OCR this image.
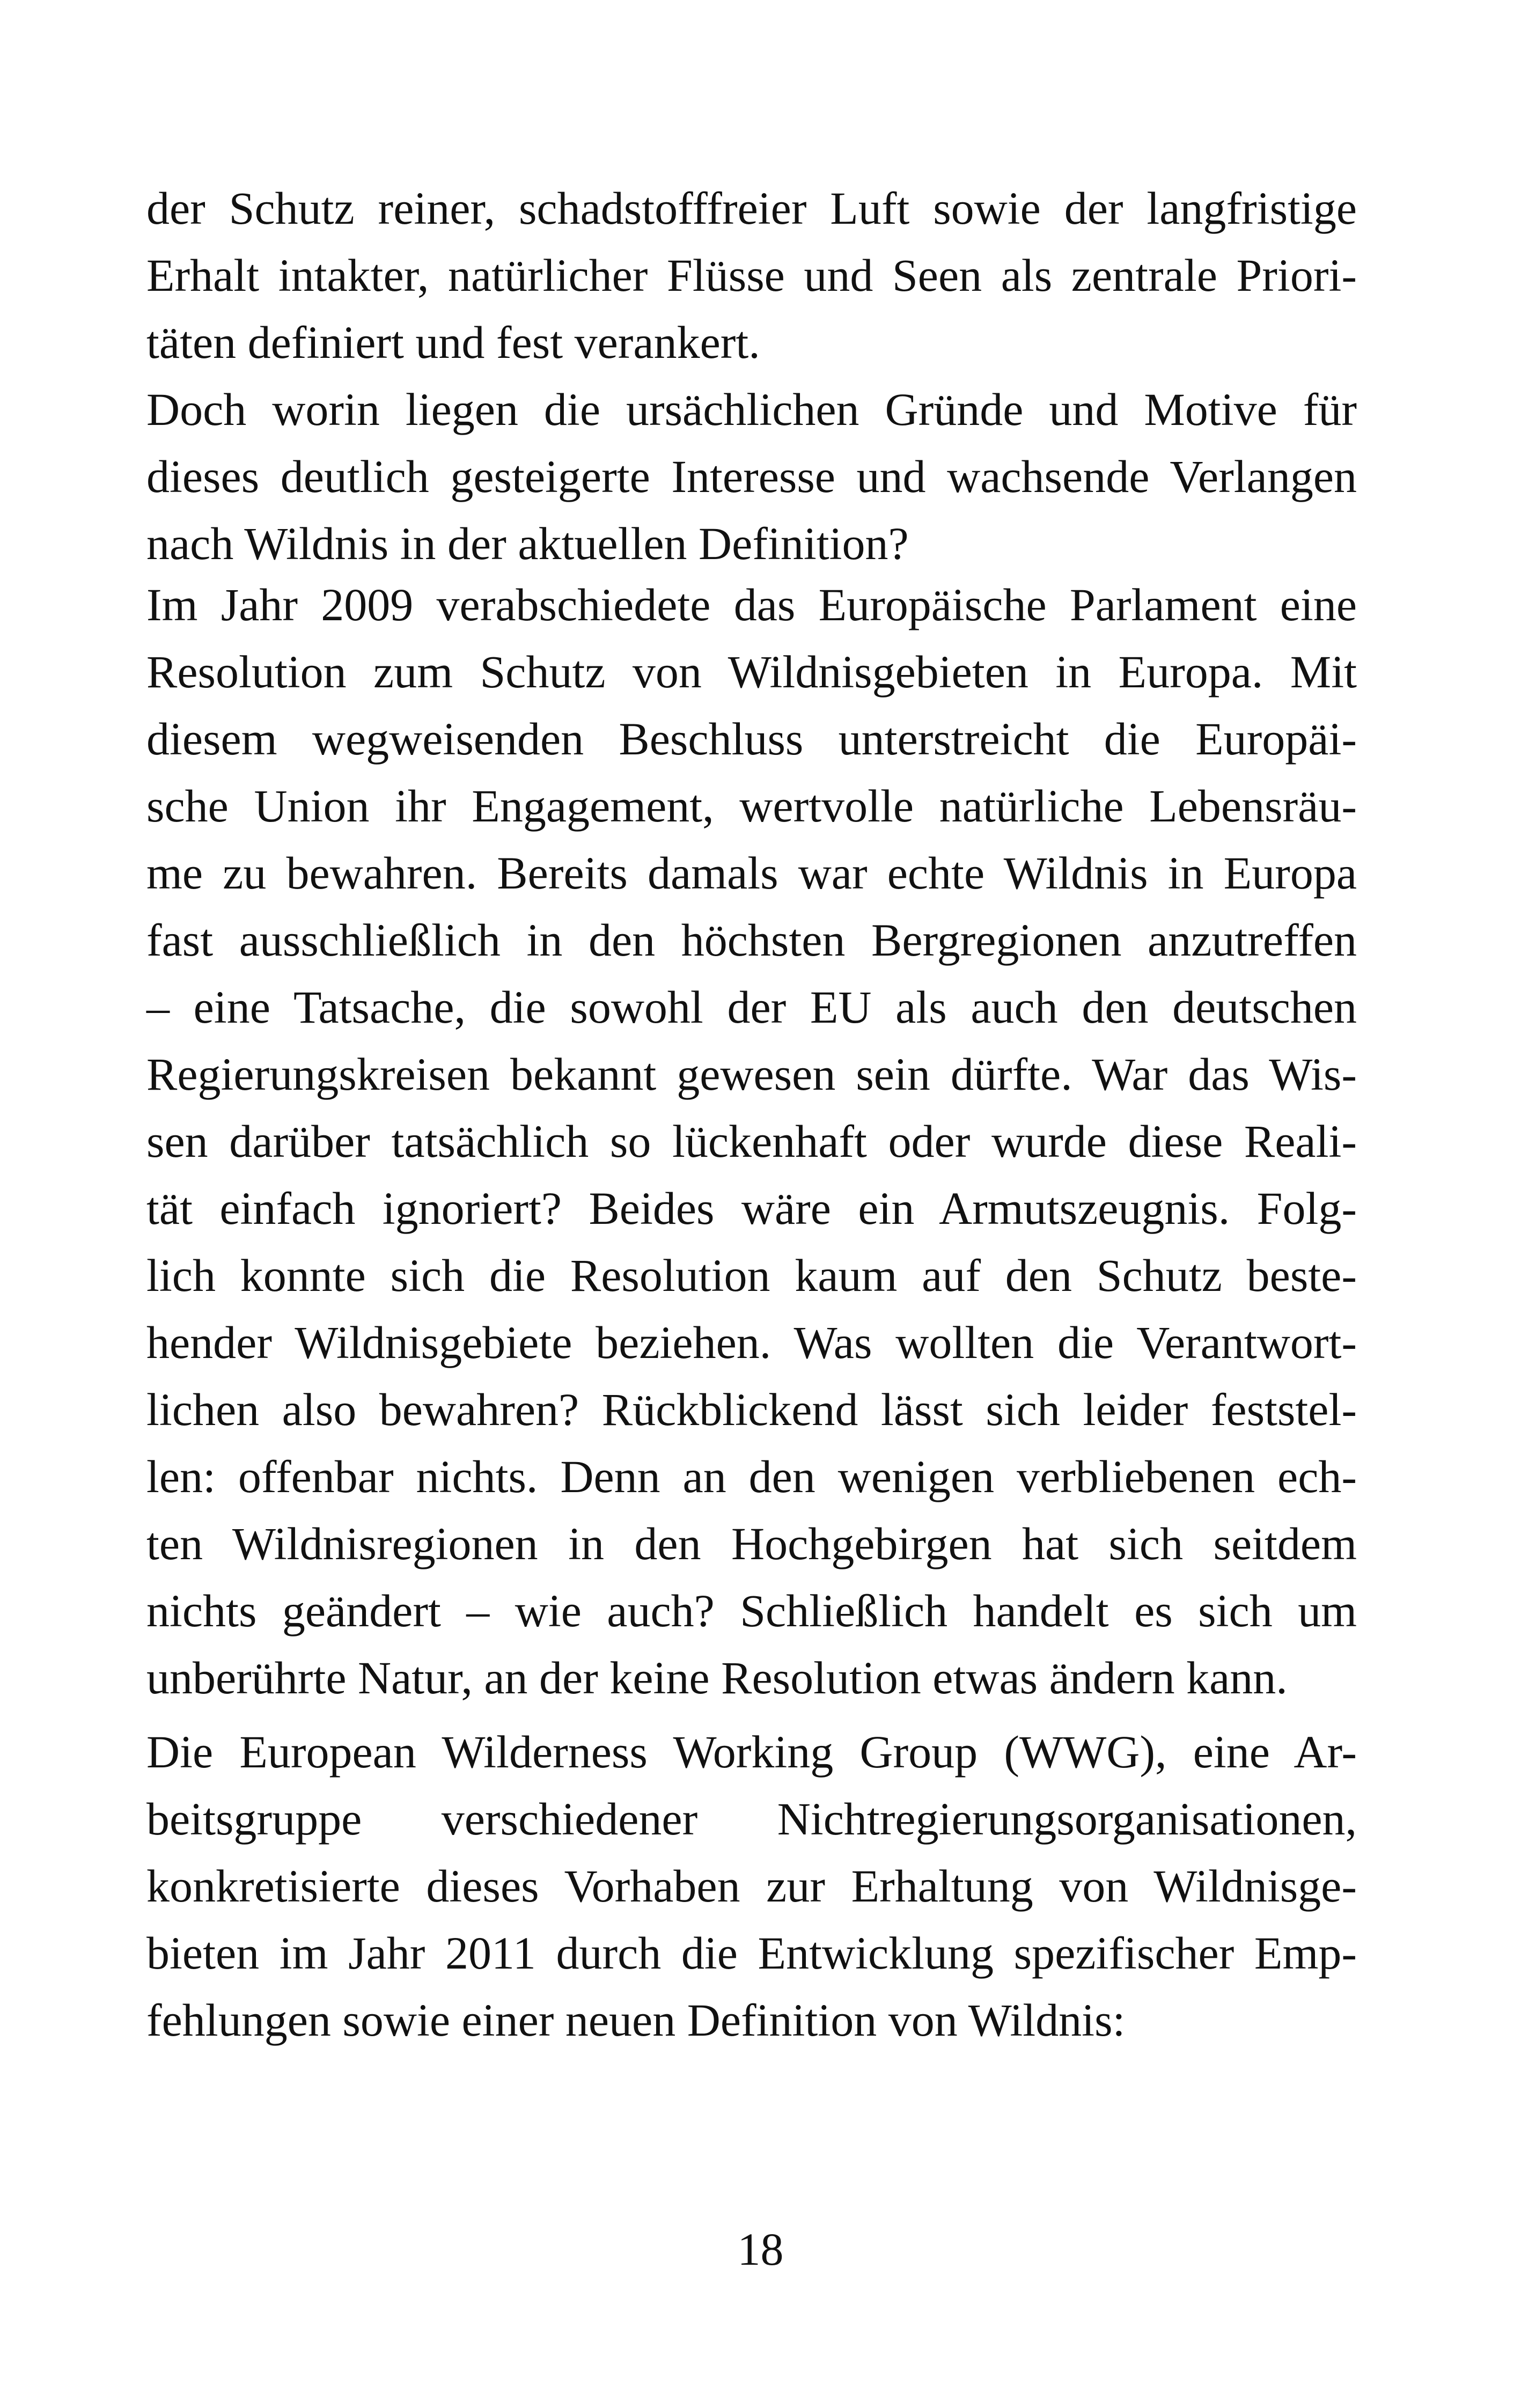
der Schutz reiner, schadstofffreier Luft sowie der langfristige
Erhalt intakter, natürlicher Flüsse und Seen als zentrale Priori-
täten definiert und fest verankert.
Doch worin liegen die ursächlichen Gründe und Motive für
dieses deutlich gesteigerte Interesse und wachsende Verlangen
nach Wildnis in der aktuellen Definition?
Im Jahr 2009 verabschiedete das Europäische Parlament eine
Resolution zum Schutz von Wildnisgebieten in Europa. Mit
diesem wegweisenden Beschluss unterstreicht die Europäi-
sche Union ihr Engagement, wertvolle natürliche Lebensräu-
me zu bewahren. Bereits damals war echte Wildnis in Europa
fast ausschließlich in den höchsten Bergregionen anzutreffen
– eine Tatsache, die sowohl der EU als auch den deutschen
Regierungskreisen bekannt gewesen sein dürfte. War das Wis-
sen darüber tatsächlich so lückenhaft oder wurde diese Reali-
tät einfach ignoriert? Beides wäre ein Armutszeugnis. Folg-
lich konnte sich die Resolution kaum auf den Schutz beste-
hender Wildnisgebiete beziehen. Was wollten die Verantwort-
lichen also bewahren? Rückblickend lässt sich leider feststel-
len: offenbar nichts. Denn an den wenigen verbliebenen ech-
ten Wildnisregionen in den Hochgebirgen hat sich seitdem
nichts geändert – wie auch? Schließlich handelt es sich um
unberührte Natur, an der keine Resolution etwas ändern kann.
Die European Wilderness Working Group (WWG), eine Ar-
beitsgruppe verschiedener Nichtregierungsorganisationen,
konkretisierte dieses Vorhaben zur Erhaltung von Wildnisge-
bieten im Jahr 2011 durch die Entwicklung spezifischer Emp-
fehlungen sowie einer neuen Definition von Wildnis:
18
